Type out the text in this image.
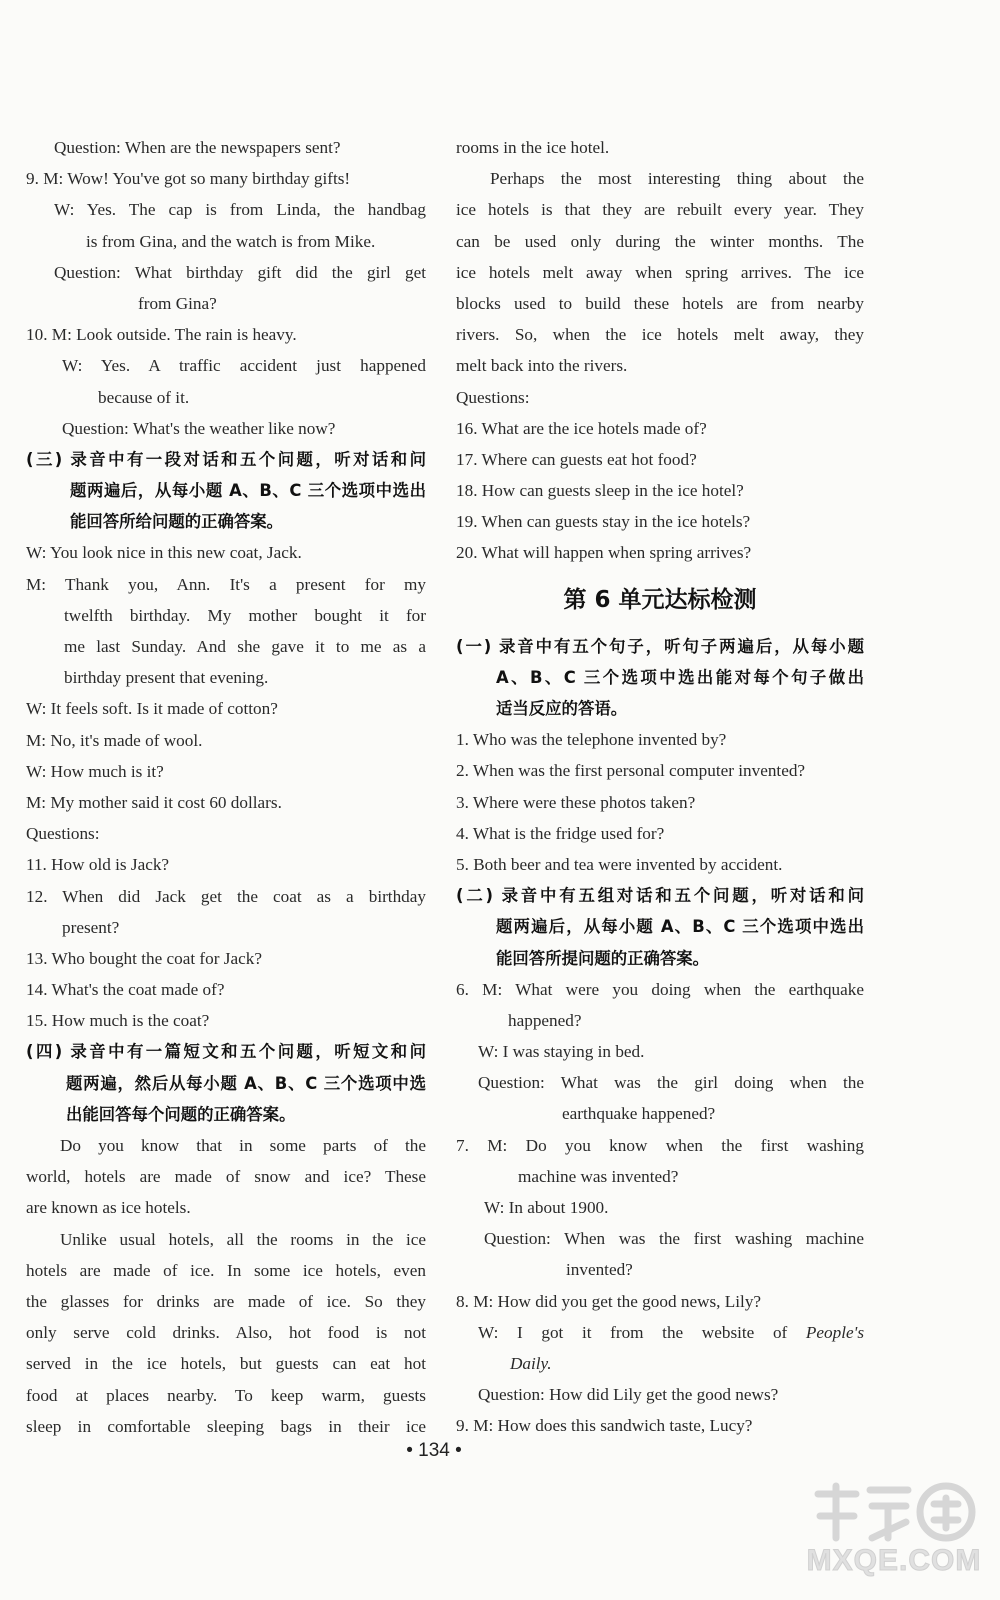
Question: When are the newspapers sent?
9. M: Wow! You've got so many birthday gifts!
W: Yes. The cap is from Linda, the handbag
is from Gina, and the watch is from Mike.
Question: What birthday gift did the girl get
from Gina?
10. M: Look outside. The rain is heavy.
W: Yes. A traffic accident just happened
because of it.
Question: What's the weather like now?
(三) 录音中有一段对话和五个问题，听对话和问
题两遍后，从每小题 A、B、C 三个选项中选出
能回答所给问题的正确答案。
W: You look nice in this new coat, Jack.
M: Thank you, Ann. It's a present for my
twelfth birthday. My mother bought it for
me last Sunday. And she gave it to me as a
birthday present that evening.
W: It feels soft. Is it made of cotton?
M: No, it's made of wool.
W: How much is it?
M: My mother said it cost 60 dollars.
Questions:
11. How old is Jack?
12. When did Jack get the coat as a birthday
present?
13. Who bought the coat for Jack?
14. What's the coat made of?
15. How much is the coat?
(四) 录音中有一篇短文和五个问题，听短文和问
题两遍，然后从每小题 A、B、C 三个选项中选
出能回答每个问题的正确答案。
Do you know that in some parts of the
world, hotels are made of snow and ice? These
are known as ice hotels.
Unlike usual hotels, all the rooms in the ice
hotels are made of ice. In some ice hotels, even
the glasses for drinks are made of ice. So they
only serve cold drinks. Also, hot food is not
served in the ice hotels, but guests can eat hot
food at places nearby. To keep warm, guests
sleep in comfortable sleeping bags in their ice
rooms in the ice hotel.
Perhaps the most interesting thing about the
ice hotels is that they are rebuilt every year. They
can be used only during the winter months. The
ice hotels melt away when spring arrives. The ice
blocks used to build these hotels are from nearby
rivers. So, when the ice hotels melt away, they
melt back into the rivers.
Questions:
16. What are the ice hotels made of?
17. Where can guests eat hot food?
18. How can guests sleep in the ice hotel?
19. When can guests stay in the ice hotels?
20. What will happen when spring arrives?
第 6 单元达标检测
(一) 录音中有五个句子，听句子两遍后，从每小题
A、B、C 三个选项中选出能对每个句子做出
适当反应的答语。
1. Who was the telephone invented by?
2. When was the first personal computer invented?
3. Where were these photos taken?
4. What is the fridge used for?
5. Both beer and tea were invented by accident.
(二) 录音中有五组对话和五个问题，听对话和问
题两遍后，从每小题 A、B、C 三个选项中选出
能回答所提问题的正确答案。
6. M: What were you doing when the earthquake
happened?
W: I was staying in bed.
Question: What was the girl doing when the
earthquake happened?
7. M: Do you know when the first washing
machine was invented?
W: In about 1900.
Question: When was the first washing machine
invented?
8. M: How did you get the good news, Lily?
W: I got it from the website of People's
Daily.
Question: How did Lily get the good news?
9. M: How does this sandwich taste, Lucy?
• 134 •
MXQE.COM
